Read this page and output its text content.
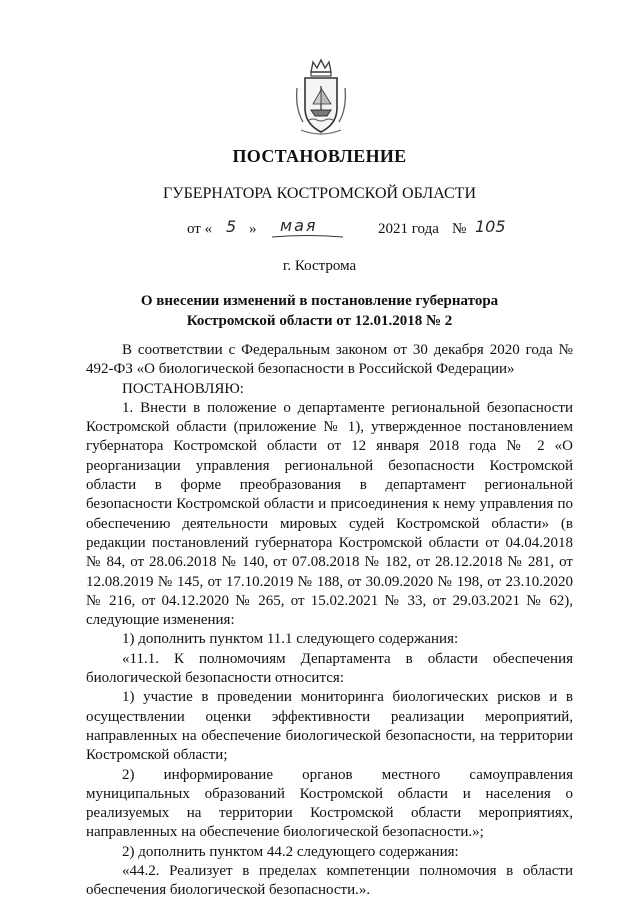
ПОСТАНОВЛЕНИЕ
ГУБЕРНАТОРА КОСТРОМСКОЙ ОБЛАСТИ
от « 5 » мая	2021 года № 105
г. Кострома
О внесении изменений в постановление губернатора
Костромской области от 12.01.2018 № 2

В соответствии с Федеральным законом от 30 декабря 2020 года № 492-ФЗ «О биологической безопасности в Российской Федерации»

ПОСТАНОВЛЯЮ:

1. Внести в положение о департаменте региональной безопасности Костромской области (приложение № 1), утвержденное постановлением губернатора Костромской области от 12 января 2018 года № 2 «О реорганизации управления региональной безопасности Костромской области в форме преобразования в департамент региональной безопасности Костромской области и присоединения к нему управления по обеспечению деятельности мировых судей Костромской области» (в редакции постановлений губернатора Костромской области от 04.04.2018 № 84, от 28.06.2018 № 140, от 07.08.2018 № 182, от 28.12.2018 № 281, от 12.08.2019 № 145, от 17.10.2019 № 188, от 30.09.2020 № 198, от 23.10.2020 № 216, от 04.12.2020 № 265, от 15.02.2021 № 33, от 29.03.2021 № 62), следующие изменения:

1) дополнить пунктом 11.1 следующего содержания:

«11.1. К полномочиям Департамента в области обеспечения биологической безопасности относится:

1) участие в проведении мониторинга биологических рисков и в осуществлении оценки эффективности реализации мероприятий, направленных на обеспечение биологической безопасности, на территории Костромской области;

2) информирование органов местного самоуправления муниципальных образований Костромской области и населения о реализуемых на территории Костромской области мероприятиях, направленных на обеспечение биологической безопасности.»;

2) дополнить пунктом 44.2 следующего содержания:

«44.2. Реализует в пределах компетенции полномочия в области обеспечения биологической безопасности.».
